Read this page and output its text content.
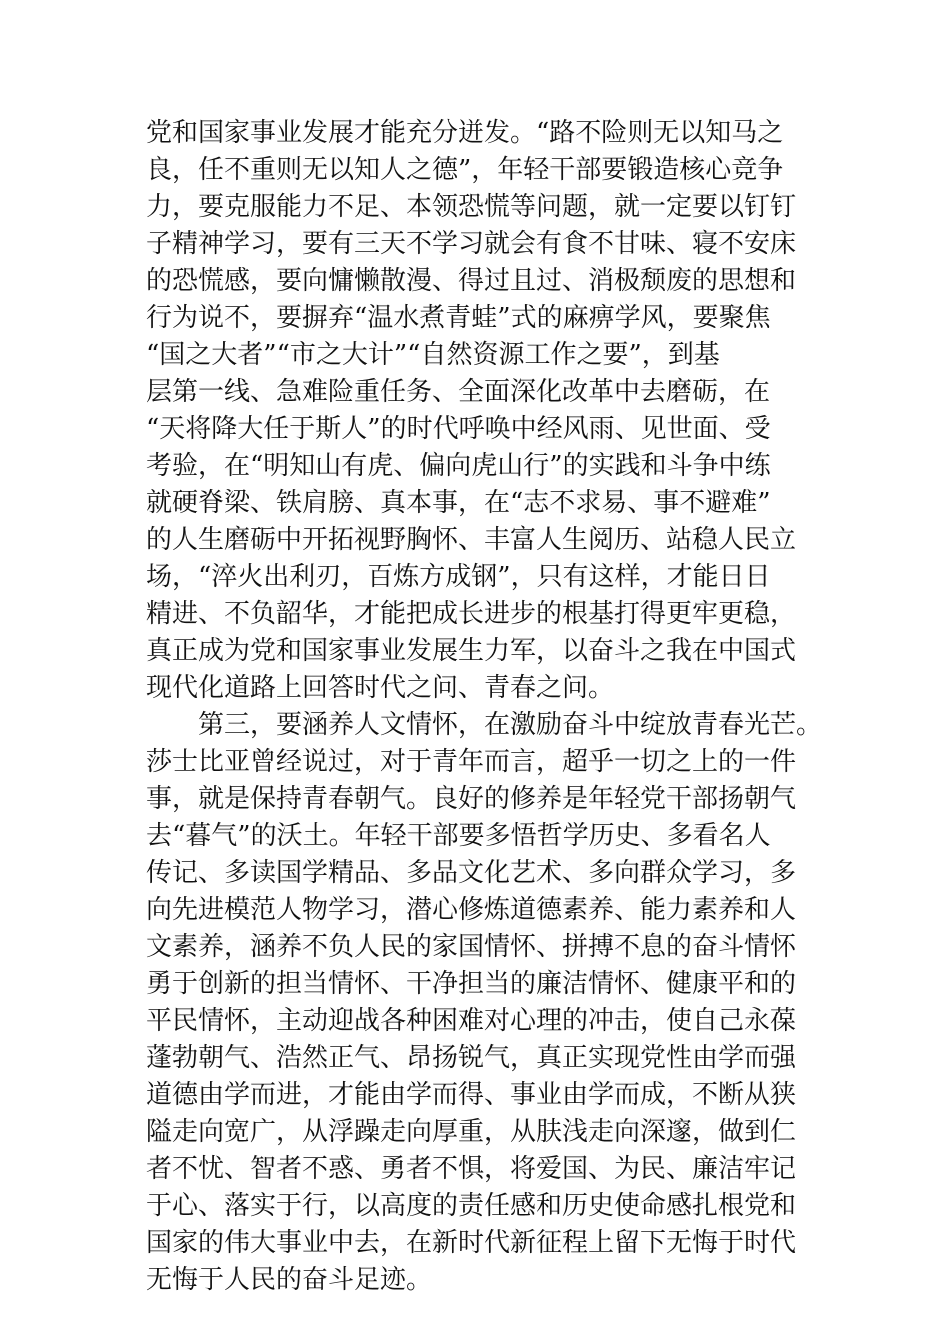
党和国家事业发展才能充分迸发。“路不险则无以知马之
良，任不重则无以知人之德”，年轻干部要锻造核心竞争
力，要克服能力不足、本领恐慌等问题，就一定要以钉钉
子精神学习，要有三天不学习就会有食不甘味、寝不安床
的恐慌感，要向慵懒散漫、得过且过、消极颓废的思想和
行为说不，要摒弃“温水煮青蛙”式的麻痹学风，要聚焦
“国之大者”“市之大计”“自然资源工作之要”，到基
层第一线、急难险重任务、全面深化改革中去磨砺，在
“天将降大任于斯人”的时代呼唤中经风雨、见世面、受
考验，在“明知山有虎、偏向虎山行”的实践和斗争中练
就硬脊梁、铁肩膀、真本事，在“志不求易、事不避难”
的人生磨砺中开拓视野胸怀、丰富人生阅历、站稳人民立
场，“淬火出利刃，百炼方成钢”，只有这样，才能日日
精进、不负韶华，才能把成长进步的根基打得更牢更稳，
真正成为党和国家事业发展生力军，以奋斗之我在中国式
现代化道路上回答时代之问、青春之问。
第三，要涵养人文情怀，在激励奋斗中绽放青春光芒。
莎士比亚曾经说过，对于青年而言，超乎一切之上的一件
事，就是保持青春朝气。良好的修养是年轻党干部扬朝气
去“暮气”的沃土。年轻干部要多悟哲学历史、多看名人
传记、多读国学精品、多品文化艺术、多向群众学习，多
向先进模范人物学习，潜心修炼道德素养、能力素养和人
文素养，涵养不负人民的家国情怀、拼搏不息的奋斗情怀
勇于创新的担当情怀、干净担当的廉洁情怀、健康平和的
平民情怀，主动迎战各种困难对心理的冲击，使自己永葆
蓬勃朝气、浩然正气、昂扬锐气，真正实现党性由学而强
道德由学而进，才能由学而得、事业由学而成，不断从狭
隘走向宽广，从浮躁走向厚重，从肤浅走向深邃，做到仁
者不忧、智者不惑、勇者不惧，将爱国、为民、廉洁牢记
于心、落实于行，以高度的责任感和历史使命感扎根党和
国家的伟大事业中去，在新时代新征程上留下无悔于时代
无悔于人民的奋斗足迹。
